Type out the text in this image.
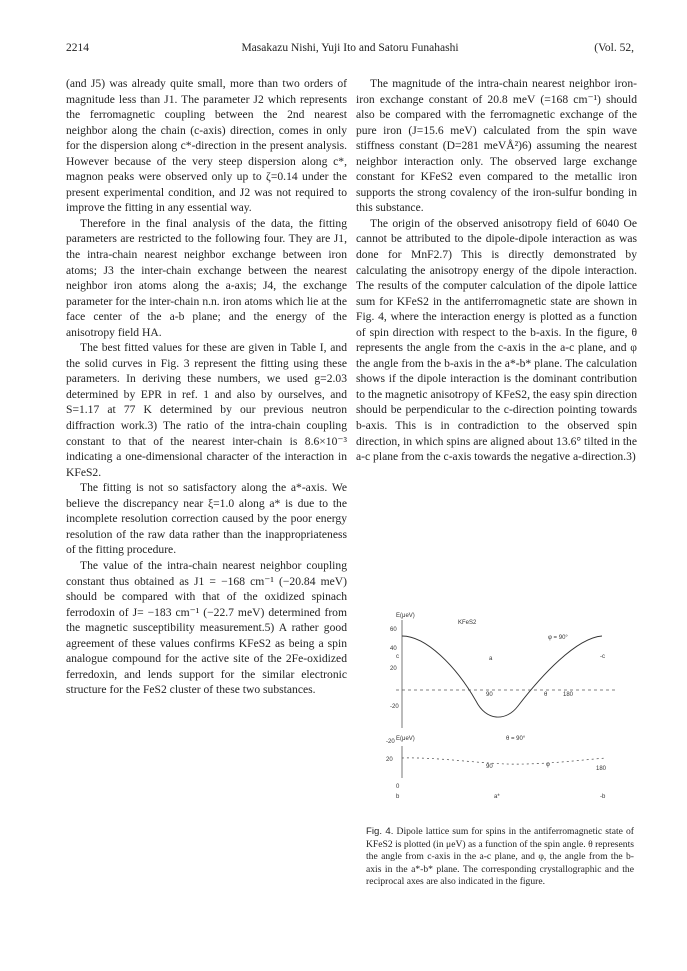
2214	Masakazu Nishi, Yuji Ito and Satoru Funahashi	(Vol. 52,

(and J5) was already quite small, more than two orders of magnitude less than J1. The parameter J2 which represents the ferromagnetic coupling between the 2nd nearest neighbor along the chain (c-axis) direction, comes in only for the dispersion along c*-direction in the present analysis. However because of the very steep dispersion along c*, magnon peaks were observed only up to ζ=0.14 under the present experimental condition, and J2 was not required to improve the fitting in any essential way.

Therefore in the final analysis of the data, the fitting parameters are restricted to the following four. They are J1, the intra-chain nearest neighbor exchange between iron atoms; J3 the inter-chain exchange between the nearest neighbor iron atoms along the a-axis; J4, the exchange parameter for the inter-chain n.n. iron atoms which lie at the face center of the a-b plane; and the energy of the anisotropy field HA.

The best fitted values for these are given in Table I, and the solid curves in Fig. 3 represent the fitting using these parameters. In deriving these numbers, we used g=2.03 determined by EPR in ref. 1 and also by ourselves, and S=1.17 at 77 K determined by our previous neutron diffraction work.3) The ratio of the intra-chain coupling constant to that of the nearest inter-chain is 8.6×10⁻³ indicating a one-dimensional character of the interaction in KFeS2.

The fitting is not so satisfactory along the a*-axis. We believe the discrepancy near ξ=1.0 along a* is due to the incomplete resolution correction caused by the poor energy resolution of the raw data rather than the inappropriateness of the fitting procedure.

The value of the intra-chain nearest neighbor coupling constant thus obtained as J1 = −168 cm⁻¹ (−20.84 meV) should be compared with that of the oxidized spinach ferrodoxin of J= −183 cm⁻¹ (−22.7 meV) determined from the magnetic susceptibility measurement.5) A rather good agreement of these values confirms KFeS2 as being a spin analogue compound for the active site of the 2Fe-oxidized ferredoxin, and lends support for the similar electronic structure for the FeS2 cluster of these two substances.

The magnitude of the intra-chain nearest neighbor iron-iron exchange constant of 20.8 meV (=168 cm⁻¹) should also be compared with the ferromagnetic exchange of the pure iron (J=15.6 meV) calculated from the spin wave stiffness constant (D=281 meVÅ²)6) assuming the nearest neighbor interaction only. The observed large exchange constant for KFeS2 even compared to the metallic iron supports the strong covalency of the iron-sulfur bonding in this substance.

The origin of the observed anisotropy field of 6040 Oe cannot be attributed to the dipole-dipole interaction as was done for MnF2.7) This is directly demonstrated by calculating the anisotropy energy of the dipole interaction. The results of the computer calculation of the dipole lattice sum for KFeS2 in the antiferromagnetic state are shown in Fig. 4, where the interaction energy is plotted as a function of spin direction with respect to the b-axis. In the figure, θ represents the angle from the c-axis in the a-c plane, and φ the angle from the b-axis in the a*-b* plane. The calculation shows if the dipole interaction is the dominant contribution to the magnetic anisotropy of KFeS2, the easy spin direction should be perpendicular to the c-direction pointing towards b-axis. This is in contradiction to the observed spin direction, in which spins are aligned about 13.6° tilted in the a-c plane from the c-axis towards the negative a-direction.3)

E(μeV)
KFeS2
φ = 90°
60
40
20
-20
c	a	-c
90	180
θ
E(μeV)	θ = 90°
-20
20
90	180
φ
0
b	a*	-b
Fig. 4. Dipole lattice sum for spins in the antiferromagnetic state of KFeS2 is plotted (in μeV) as a function of the spin angle. θ represents the angle from c-axis in the a-c plane, and φ, the angle from the b-axis in the a*-b* plane. The corresponding crystallographic and the reciprocal axes are also indicated in the figure.
